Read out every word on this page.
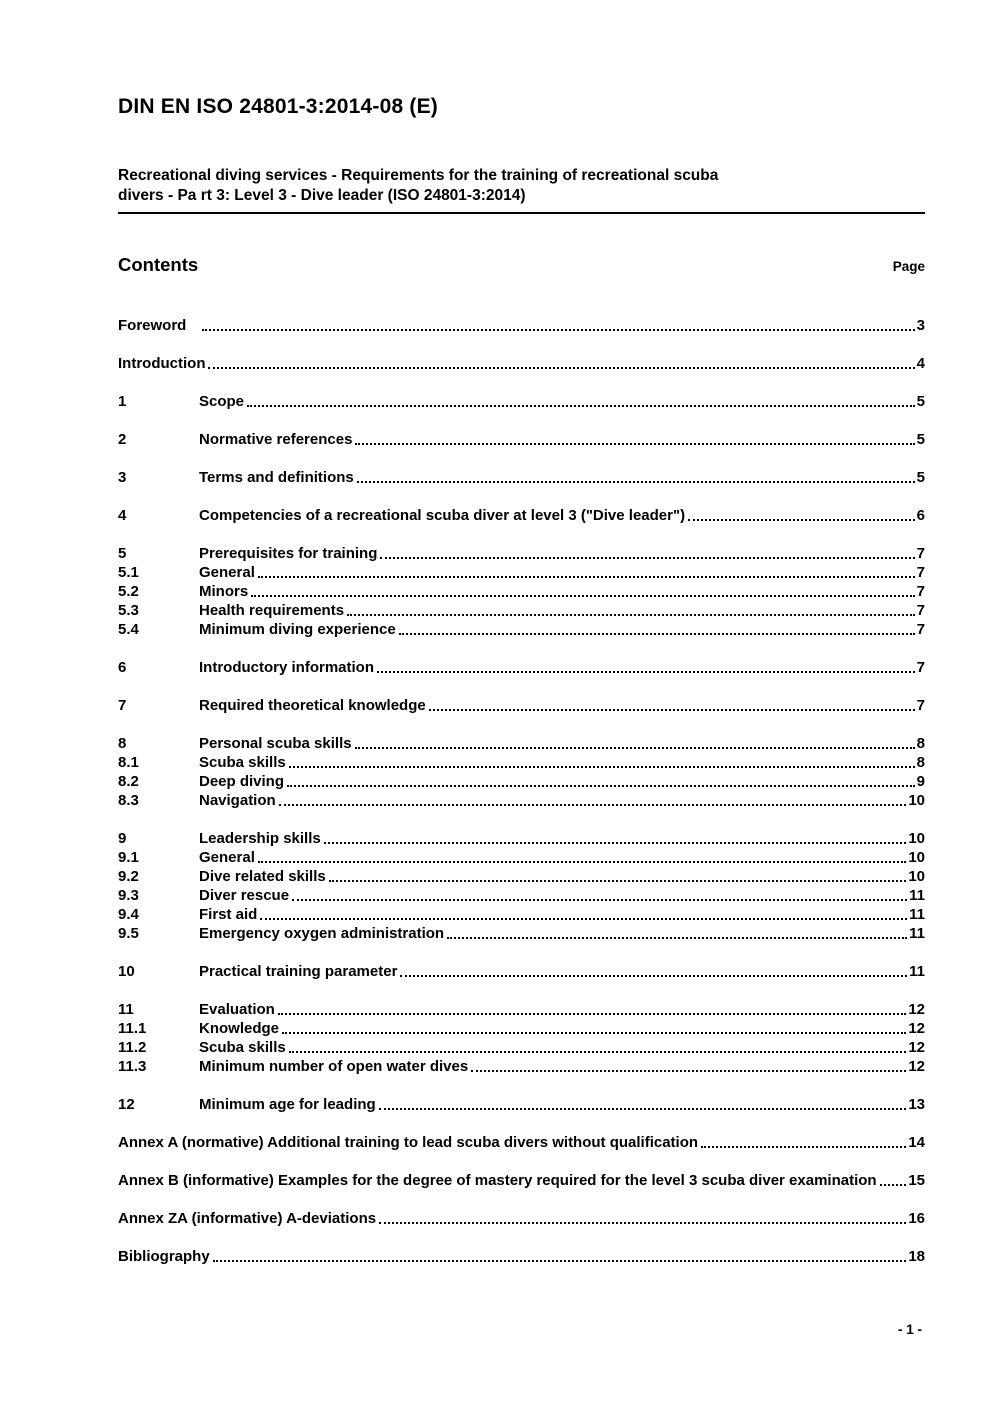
DIN EN ISO 24801-3:2014-08 (E)
Recreational diving services - Requirements for the training of recreational scuba
divers - Pa rt 3: Level 3 - Dive leader (ISO 24801-3:2014)
Contents	Page
Foreword	3
Introduction	4
1	Scope	5
2	Normative references	5
3	Terms and definitions	5
4	Competencies of a recreational scuba diver at level 3 ("Dive leader")	6
5	Prerequisites for training	7
5.1	General	7
5.2	Minors	7
5.3	Health requirements	7
5.4	Minimum diving experience	7
6	Introductory information	7
7	Required theoretical knowledge	7
8	Personal scuba skills	8
8.1	Scuba skills	8
8.2	Deep diving	9
8.3	Navigation	10
9	Leadership skills	10
9.1	General	10
9.2	Dive related skills	10
9.3	Diver rescue	11
9.4	First aid	11
9.5	Emergency oxygen administration	11
10	Practical training parameter	11
11	Evaluation	12
11.1	Knowledge	12
11.2	Scuba skills	12
11.3	Minimum number of open water dives	12
12	Minimum age for leading	13
Annex A (normative) Additional training to lead scuba divers without qualification	14
Annex B (informative) Examples for the degree of mastery required for the level 3 scuba diver examination 15
Annex ZA (informative) A-deviations	16
Bibliography	18
- 1 -
